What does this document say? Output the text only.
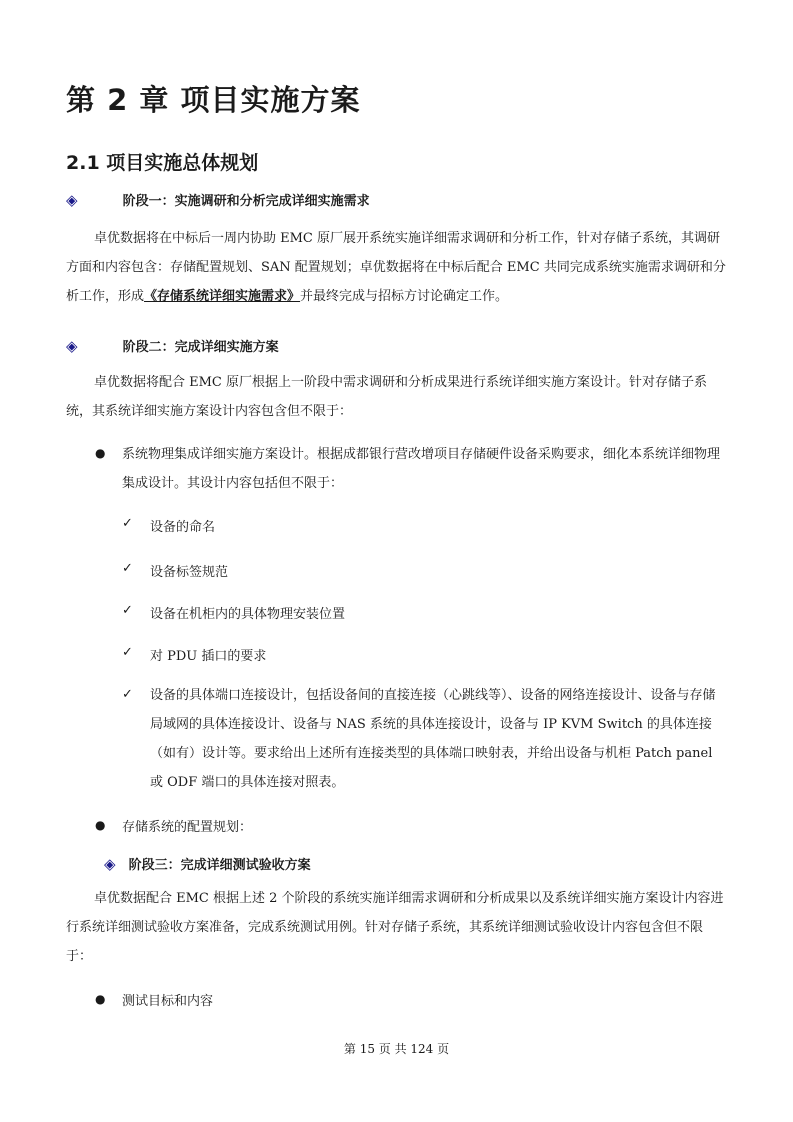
第 2 章 项目实施方案
2.1 项目实施总体规划
◈	阶段一：实施调研和分析完成详细实施需求

卓优数据将在中标后一周内协助 EMC 原厂展开系统实施详细需求调研和分析工作，针对存储子系统，其调研方面和内容包含：存储配置规划、SAN 配置规划；卓优数据将在中标后配合 EMC 共同完成系统实施需求调研和分析工作，形成《存储系统详细实施需求》并最终完成与招标方讨论确定工作。

◈	阶段二：完成详细实施方案

卓优数据将配合 EMC 原厂根据上一阶段中需求调研和分析成果进行系统详细实施方案设计。针对存储子系统，其系统详细实施方案设计内容包含但不限于：

● 系统物理集成详细实施方案设计。根据成都银行营改增项目存储硬件设备采购要求，细化本系统详细物理集成设计。其设计内容包括但不限于：
✓ 设备的命名
✓ 设备标签规范
✓ 设备在机柜内的具体物理安装位置
✓ 对 PDU 插口的要求
✓ 设备的具体端口连接设计，包括设备间的直接连接（心跳线等）、设备的网络连接设计、设备与存储局域网的具体连接设计、设备与 NAS 系统的具体连接设计，设备与 IP KVM Switch 的具体连接（如有）设计等。要求给出上述所有连接类型的具体端口映射表，并给出设备与机柜 Patch panel 或 ODF 端口的具体连接对照表。
● 存储系统的配置规划：
◈ 阶段三：完成详细测试验收方案

卓优数据配合 EMC 根据上述 2 个阶段的系统实施详细需求调研和分析成果以及系统详细实施方案设计内容进行系统详细测试验收方案准备，完成系统测试用例。针对存储子系统，其系统详细测试验收设计内容包含但不限于：

● 测试目标和内容
第 15 页 共 124 页
